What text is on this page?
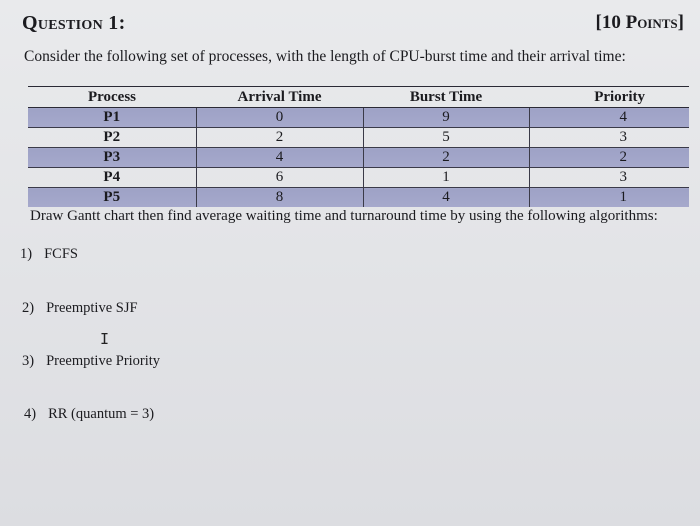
Question 1:	[10 Points]
Consider the following set of processes, with the length of CPU-burst time and their arrival time:
Process	Arrival Time	Burst Time	Priority
P1	0	9	4
P2	2	5	3
P3	4	2	2
P4	6	1	3
P5	8	4	1
Draw Gantt chart then find average waiting time and turnaround time by using the following algorithms:
1) FCFS
2) Preemptive SJF
I
3) Preemptive Priority
4) RR (quantum = 3)
